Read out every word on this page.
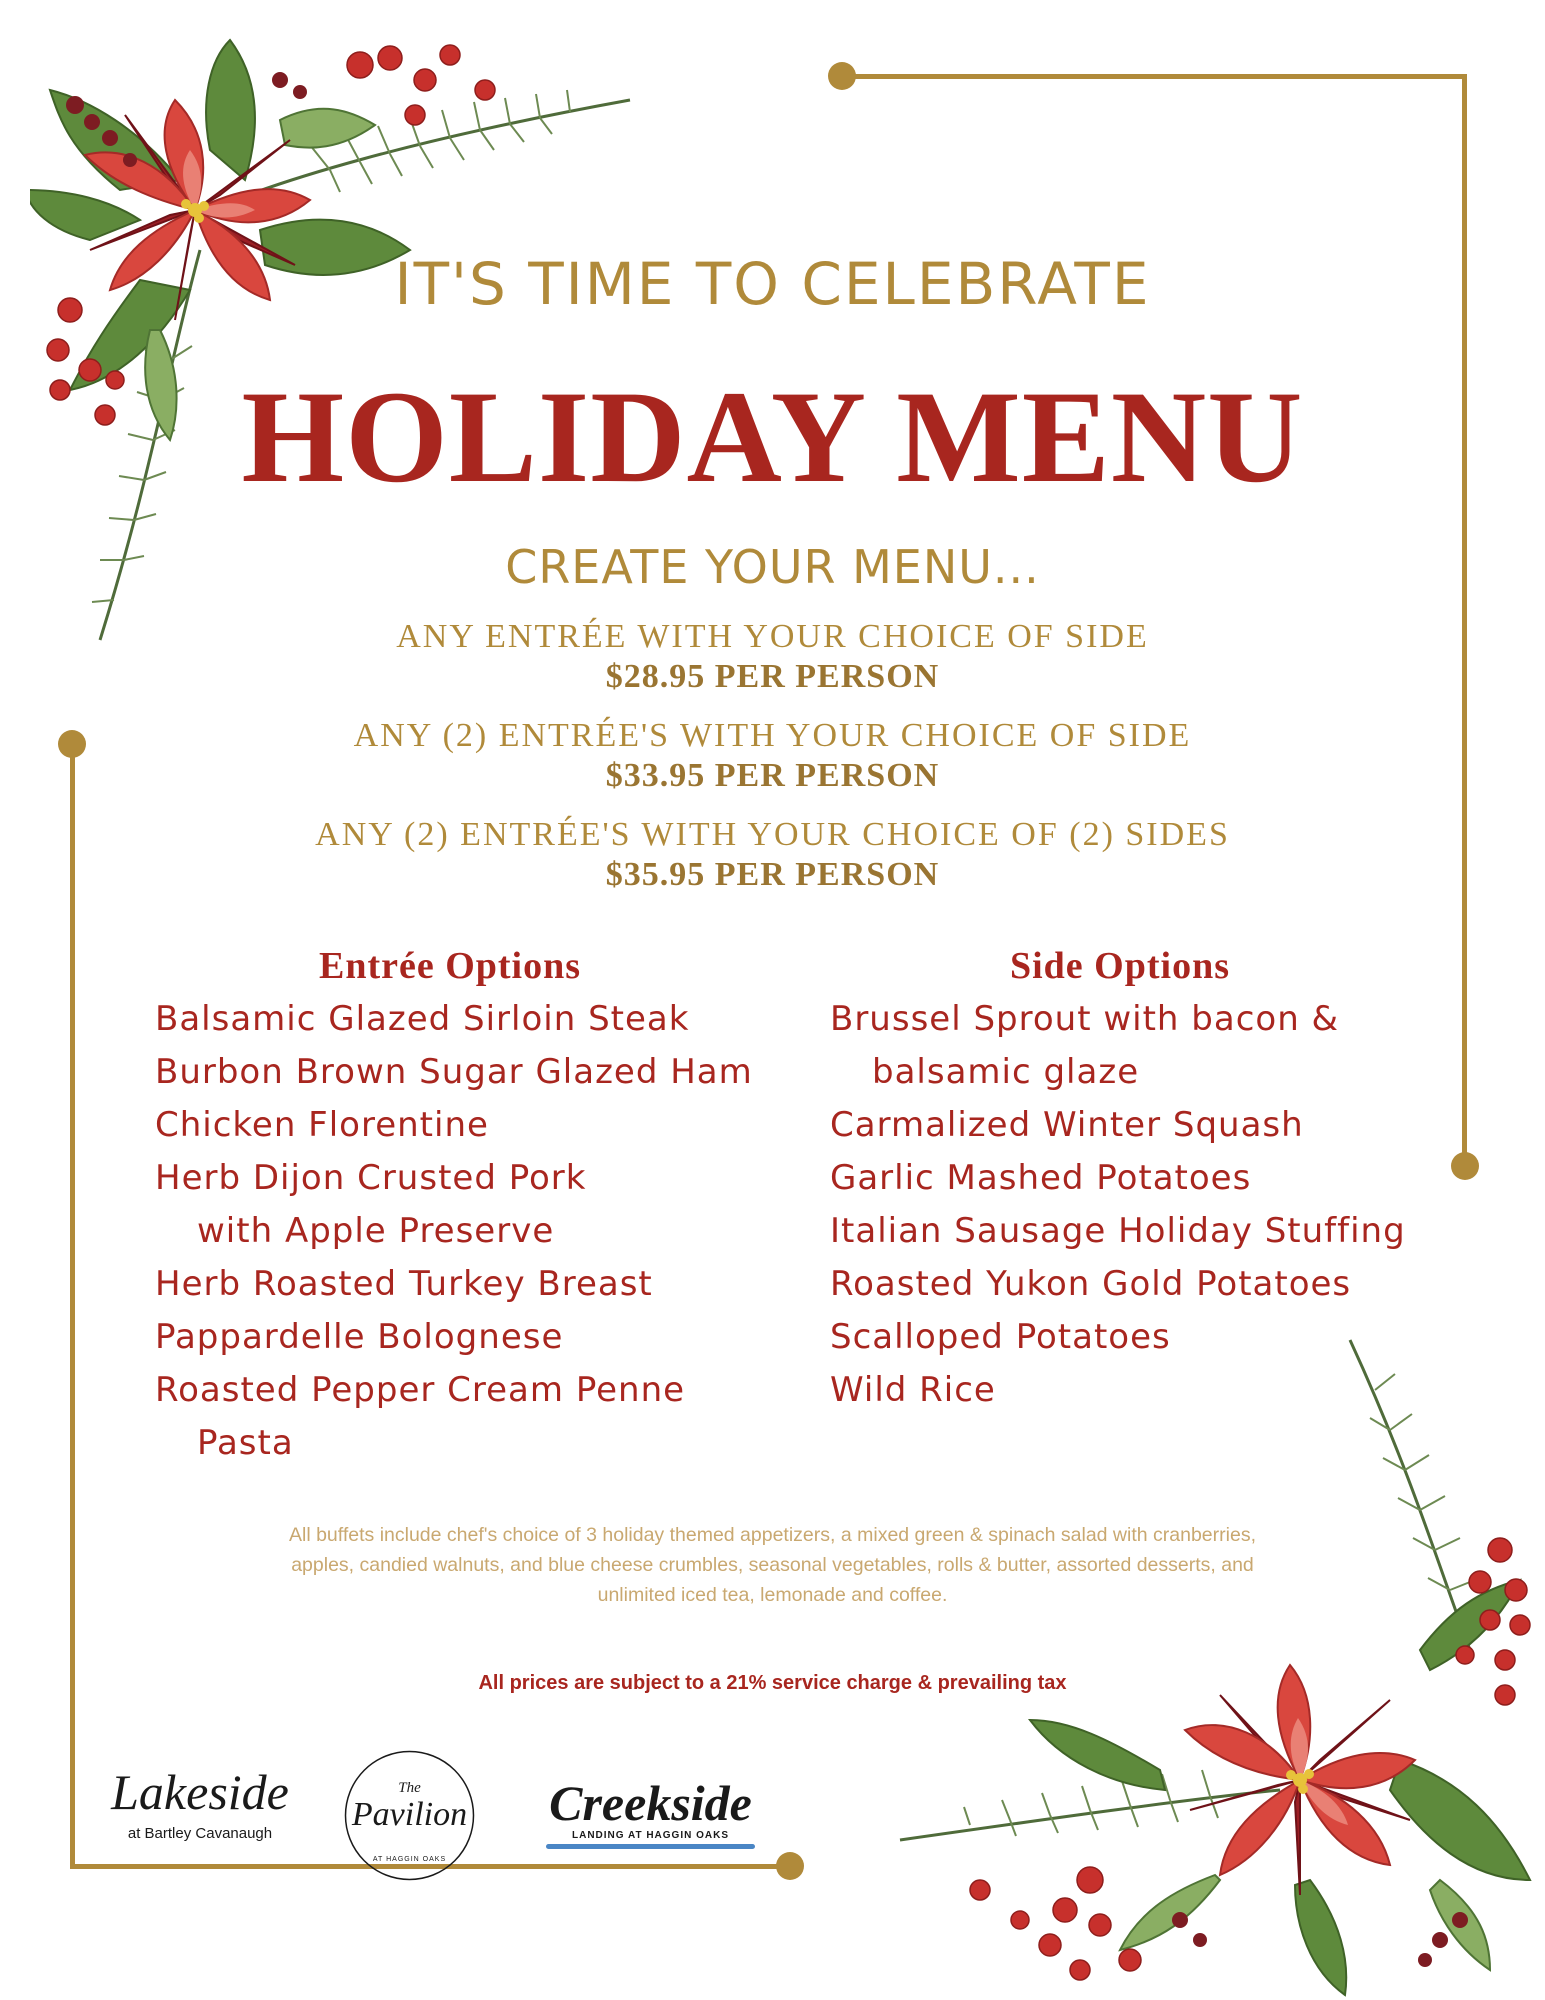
IT'S TIME TO CELEBRATE
HOLIDAY MENU
CREATE YOUR MENU...
ANY ENTRÉE WITH YOUR CHOICE OF SIDE
$28.95 PER PERSON
ANY (2) ENTRÉE'S WITH YOUR CHOICE OF SIDE
$33.95 PER PERSON
ANY (2) ENTRÉE'S WITH YOUR CHOICE OF (2) SIDES
$35.95 PER PERSON
Entrée Options
Balsamic Glazed Sirloin Steak
Burbon Brown Sugar Glazed Ham
Chicken Florentine
Herb Dijon Crusted Pork
with Apple Preserve
Herb Roasted Turkey Breast
Pappardelle Bolognese
Roasted Pepper Cream Penne
Pasta
Side Options
Brussel Sprout with bacon &
balsamic glaze
Carmalized Winter Squash
Garlic Mashed Potatoes
Italian Sausage Holiday Stuffing
Roasted Yukon Gold Potatoes
Scalloped Potatoes
Wild Rice
All buffets include chef's choice of 3 holiday themed appetizers, a mixed green & spinach salad with cranberries,
apples, candied walnuts, and blue cheese crumbles, seasonal vegetables, rolls & butter, assorted desserts, and
unlimited iced tea, lemonade and coffee.
All prices are subject to a 21% service charge & prevailing tax
Lakeside
at Bartley Cavanaugh
The
Pavilion
AT HAGGIN OAKS
Creekside
LANDING AT HAGGIN OAKS
